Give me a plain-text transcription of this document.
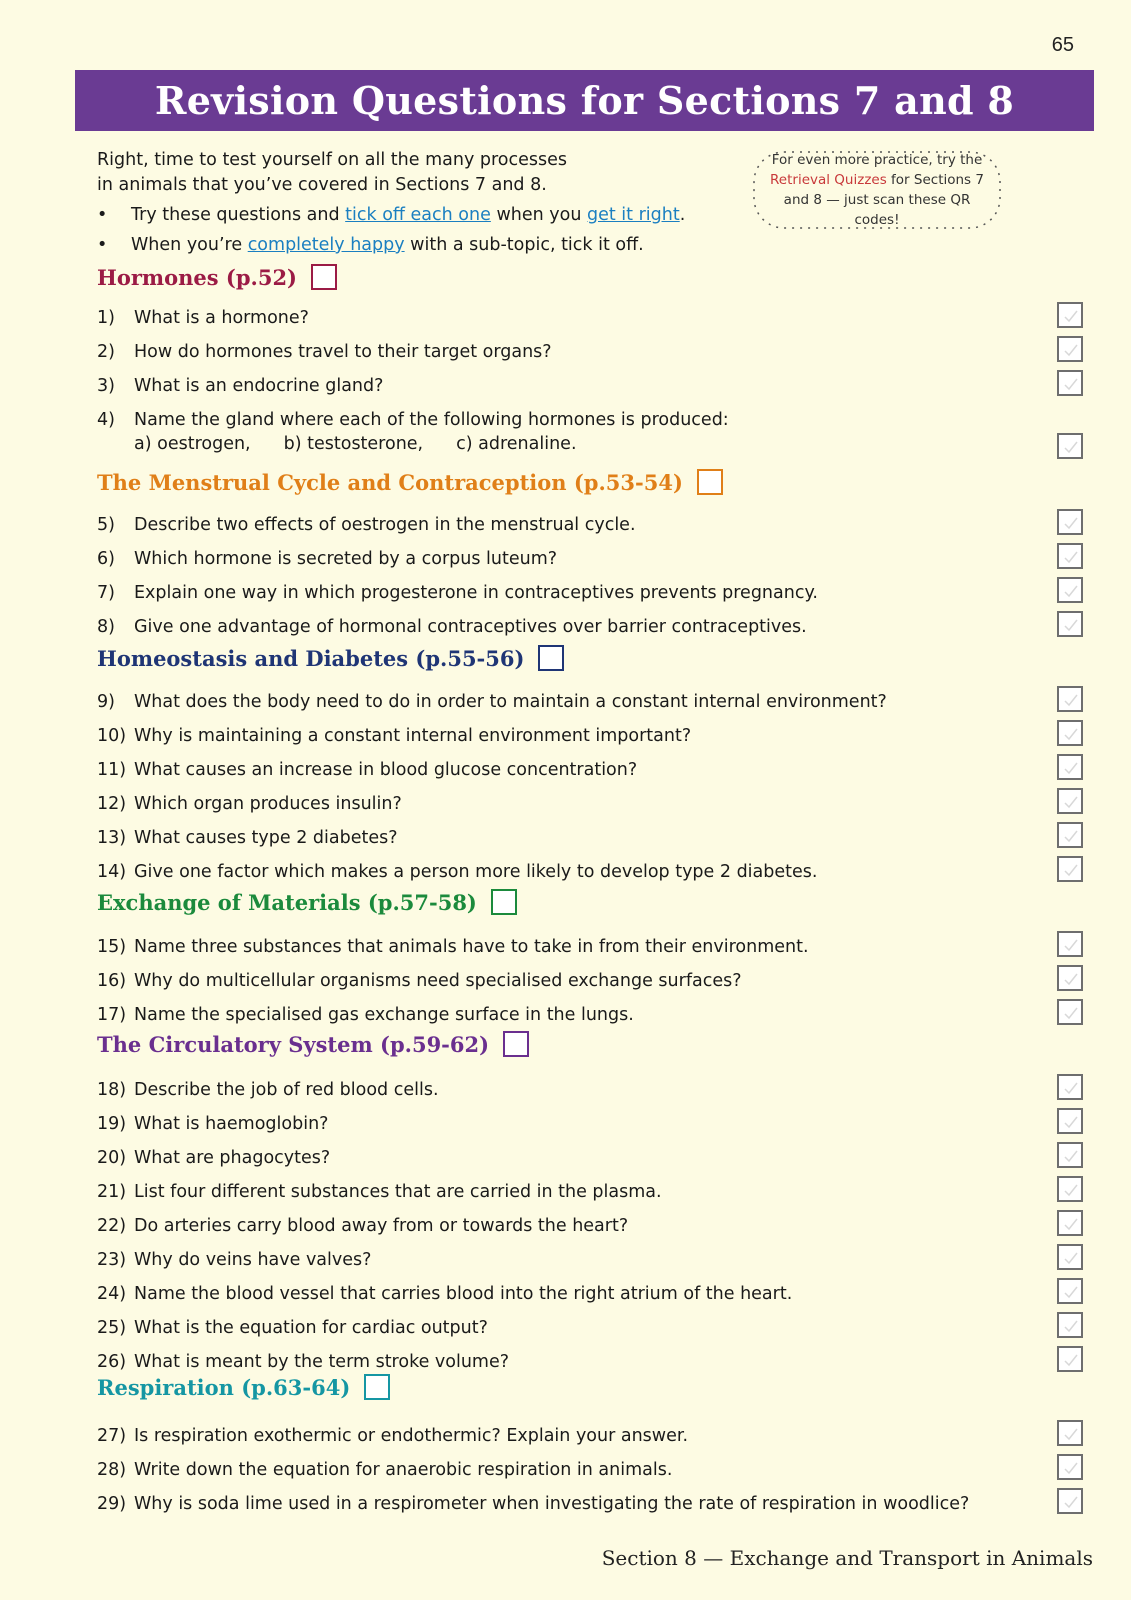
65
Revision Questions for Sections 7 and 8

Right, time to test yourself on all the many processes

in animals that you’ve covered in Sections 7 and 8.

•	Try these questions and tick off each one when you get it right.
•	When you’re completely happy with a sub-topic, tick it off.
For even more practice, try the
Retrieval Quizzes for Sections 7
and 8 — just scan these QR codes!
Hormones (p.52)
The Menstrual Cycle and Contraception (p.53-54)
Homeostasis and Diabetes (p.55-56)
Exchange of Materials (p.57-58)
The Circulatory System (p.59-62)
Respiration (p.63-64)
1) What is a hormone?
2) How do hormones travel to their target organs?
3) What is an endocrine gland?
4) Name the gland where each of the following hormones is produced:
a) oestrogen, b) testosterone, c) adrenaline.
5) Describe two effects of oestrogen in the menstrual cycle.
6) Which hormone is secreted by a corpus luteum?
7) Explain one way in which progesterone in contraceptives prevents pregnancy.
8) Give one advantage of hormonal contraceptives over barrier contraceptives.
9) What does the body need to do in order to maintain a constant internal environment?
10) Why is maintaining a constant internal environment important?
11) What causes an increase in blood glucose concentration?
12) Which organ produces insulin?
13) What causes type 2 diabetes?
14) Give one factor which makes a person more likely to develop type 2 diabetes.
15) Name three substances that animals have to take in from their environment.
16) Why do multicellular organisms need specialised exchange surfaces?
17) Name the specialised gas exchange surface in the lungs.
18) Describe the job of red blood cells.
19) What is haemoglobin?
20) What are phagocytes?
21) List four different substances that are carried in the plasma.
22) Do arteries carry blood away from or towards the heart?
23) Why do veins have valves?
24) Name the blood vessel that carries blood into the right atrium of the heart.
25) What is the equation for cardiac output?
26) What is meant by the term stroke volume?
27) Is respiration exothermic or endothermic? Explain your answer.
28) Write down the equation for anaerobic respiration in animals.
29) Why is soda lime used in a respirometer when investigating the rate of respiration in woodlice?
Section 8 — Exchange and Transport in Animals
